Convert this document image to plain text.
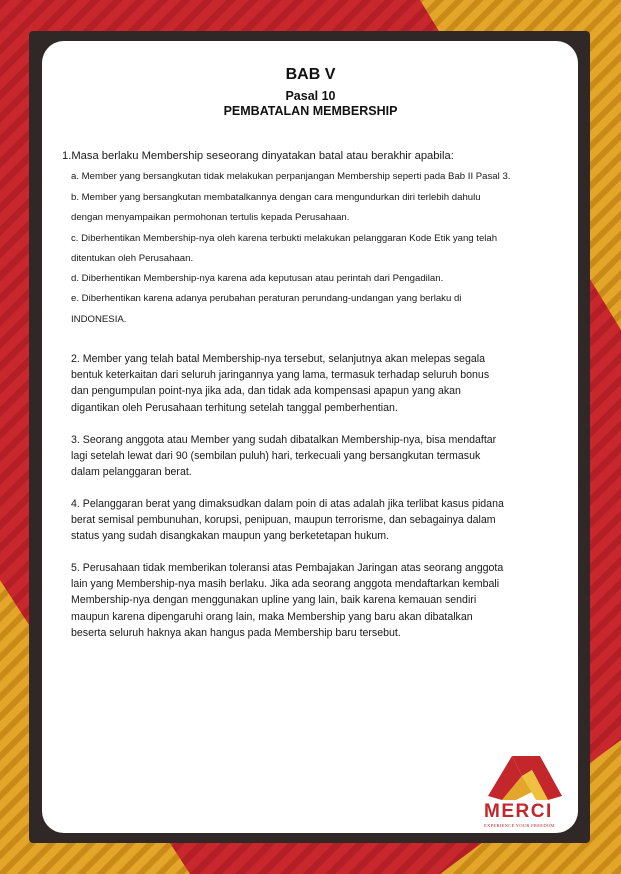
BAB V
Pasal 10
PEMBATALAN MEMBERSHIP
1.Masa berlaku Membership seseorang dinyatakan batal atau berakhir apabila:
a. Member yang bersangkutan tidak melakukan perpanjangan Membership seperti pada Bab II Pasal 3.
b. Member yang bersangkutan membatalkannya dengan cara mengundurkan diri terlebih dahulu
dengan menyampaikan permohonan tertulis kepada Perusahaan.
c. Diberhentikan Membership-nya oleh karena terbukti melakukan pelanggaran Kode Etik yang telah
ditentukan oleh Perusahaan.
d. Diberhentikan Membership-nya karena ada keputusan atau perintah dari Pengadilan.
e. Diberhentikan karena adanya perubahan peraturan perundang-undangan yang berlaku di
INDONESIA.
2. Member yang telah batal Membership-nya tersebut, selanjutnya akan melepas segala
bentuk keterkaitan dari seluruh jaringannya yang lama, termasuk terhadap seluruh bonus
dan pengumpulan point-nya jika ada, dan tidak ada kompensasi apapun yang akan
digantikan oleh Perusahaan terhitung setelah tanggal pemberhentian.
3. Seorang anggota atau Member yang sudah dibatalkan Membership-nya, bisa mendaftar
lagi setelah lewat dari 90 (sembilan puluh) hari, terkecuali yang bersangkutan termasuk
dalam pelanggaran berat.
4. Pelanggaran berat yang dimaksudkan dalam poin di atas adalah jika terlibat kasus pidana
berat semisal pembunuhan, korupsi, penipuan, maupun terrorisme, dan sebagainya dalam
status yang sudah disangkakan maupun yang berketetapan hukum.
5. Perusahaan tidak memberikan toleransi atas Pembajakan Jaringan atas seorang anggota
lain yang Membership-nya masih berlaku. Jika ada seorang anggota mendaftarkan kembali
Membership-nya dengan menggunakan upline yang lain, baik karena kemauan sendiri
maupun karena dipengaruhi orang lain, maka Membership yang baru akan dibatalkan
beserta seluruh haknya akan hangus pada Membership baru tersebut.
MERCI
EXPERIENCE YOUR FREEDOM
